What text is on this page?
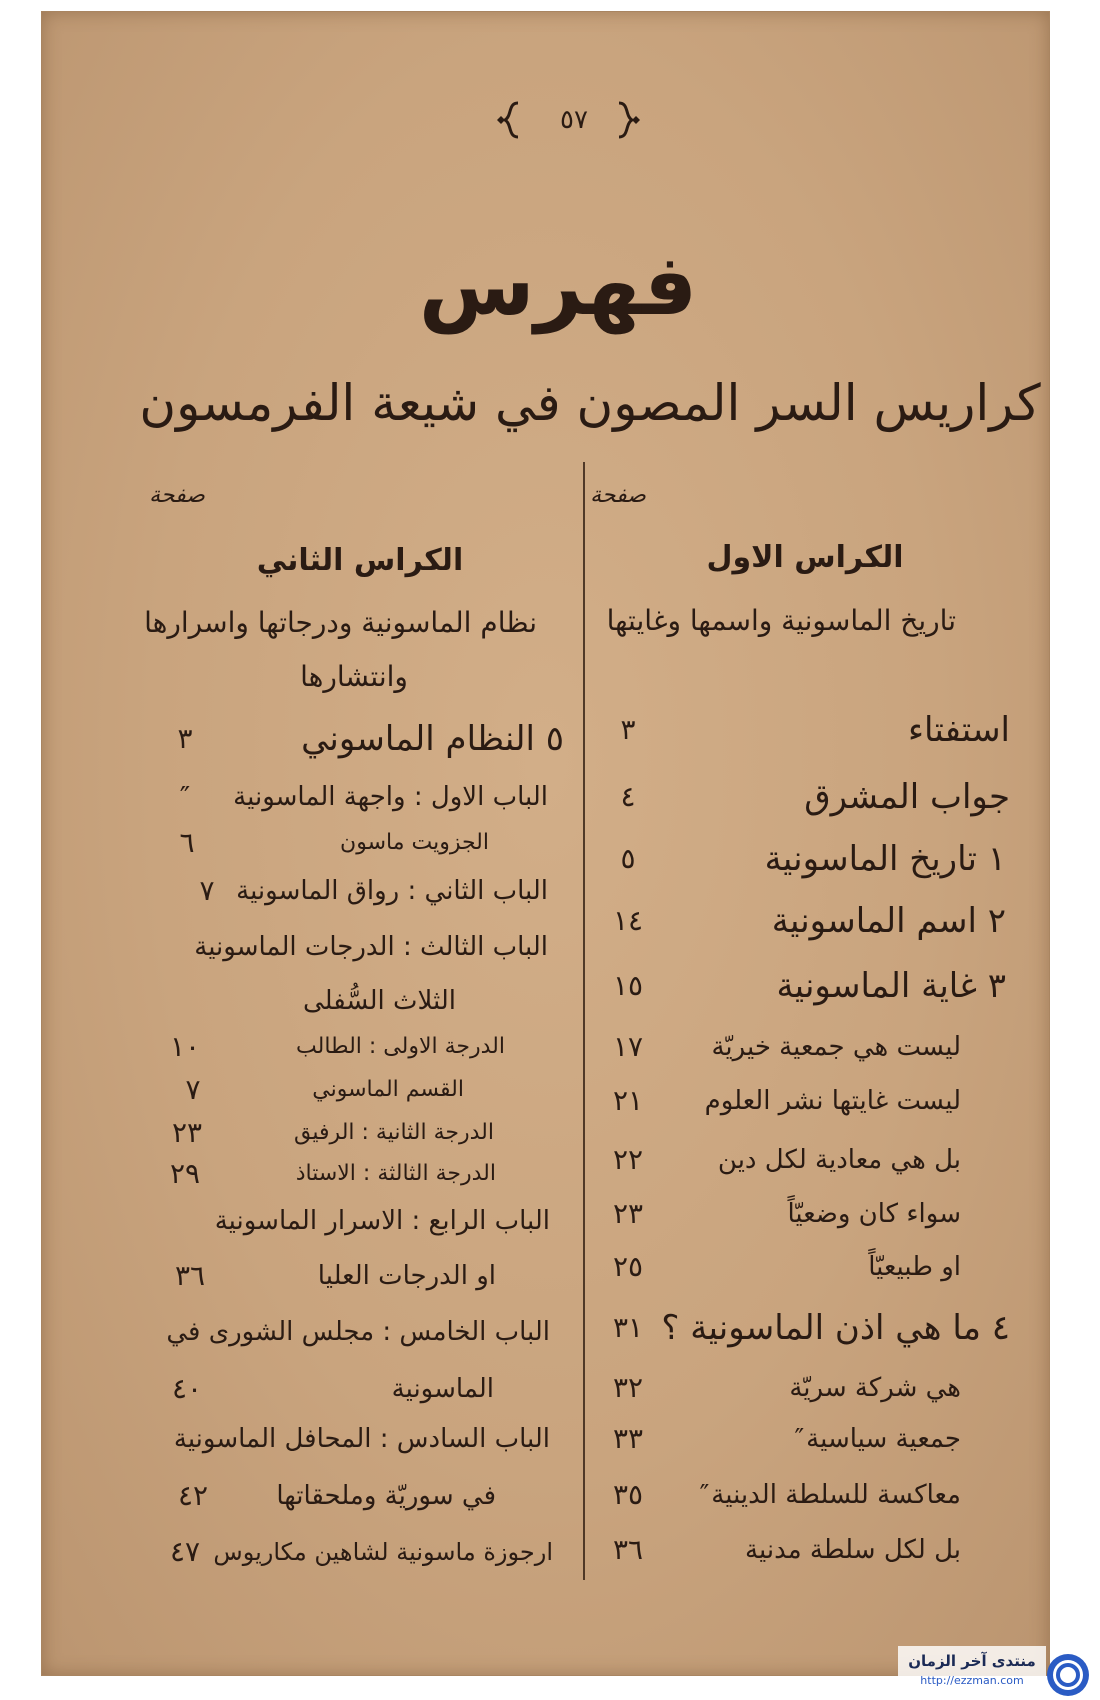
٥٧
فهرس
كراريس السر المصون في شيعة الفرمسون
صفحة
الكراس الاول
تاريخ الماسونية واسمها وغايتها
استفتاء
٣
جواب المشرق
٤
١ تاريخ الماسونية
٥
٢ اسم الماسونية
١٤
٣ غاية الماسونية
١٥
ليست هي جمعية خيريّة
١٧
ليست غايتها نشر العلوم
٢١
بل هي معادية لكل دين
٢٢
سواء كان وضعيّاً
٢٣
او طبيعيّاً
٢٥
٤ ما هي اذن الماسونية ؟
٣١
هي شركة سريّة
٣٢
جمعية سياسية″
٣٣
معاكسة للسلطة الدينية″
٣٥
بل لكل سلطة مدنية
٣٦
صفحة
الكراس الثاني
نظام الماسونية ودرجاتها واسرارها
وانتشارها
٥ النظام الماسوني
٣
الباب الاول : واجهة الماسونية
″
الجزويت ماسون
٦
الباب الثاني : رواق الماسونية
٧
الباب الثالث : الدرجات الماسونية
الثلاث السُّفلى
الدرجة الاولى : الطالب
١٠
القسم الماسوني
٧
الدرجة الثانية : الرفيق
٢٣
الدرجة الثالثة : الاستاذ
٢٩
الباب الرابع : الاسرار الماسونية
او الدرجات العليا
٣٦
الباب الخامس : مجلس الشورى في
الماسونية
٤٠
الباب السادس : المحافل الماسونية
في سوريّة وملحقاتها
٤٢
ارجوزة ماسونية لشاهين مكاريوس
٤٧
منتدى آخر الزمان
http://ezzman.com
